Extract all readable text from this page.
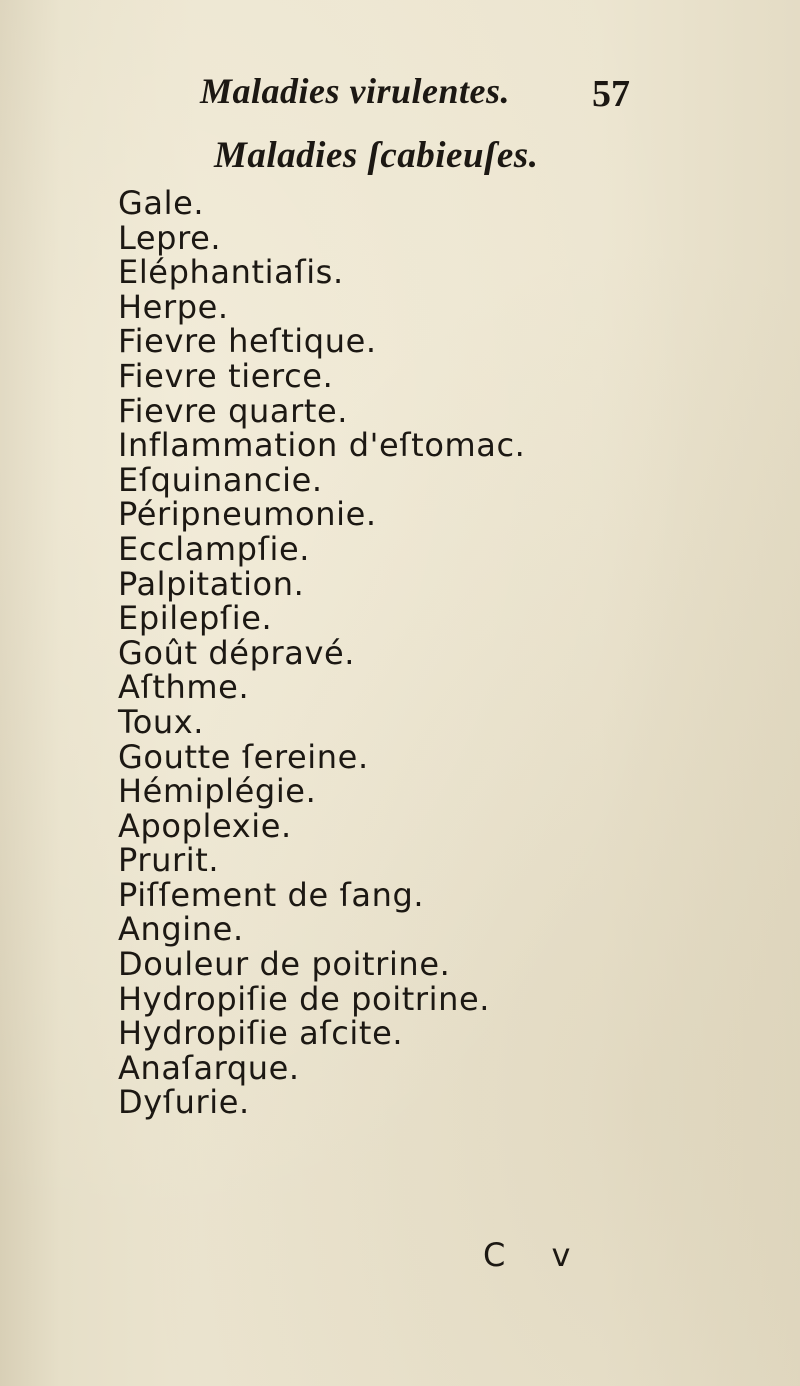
Maladies virulentes. 57
Maladies ſcabieuſes.
Gale.
Lepre.
Eléphantiaſis.
Herpe.
Fievre heſtique.
Fievre tierce.
Fievre quarte.
Inflammation d'eſtomac.
Eſquinancie.
Péripneumonie.
Ecclampſie.
Palpitation.
Epilepſie.
Goût dépravé.
Aſthme.
Toux.
Goutte ſereine.
Hémiplégie.
Apoplexie.
Prurit.
Piſſement de ſang.
Angine.
Douleur de poitrine.
Hydropiſie de poitrine.
Hydropiſie aſcite.
Anaſarque.
Dyſurie.
C v
